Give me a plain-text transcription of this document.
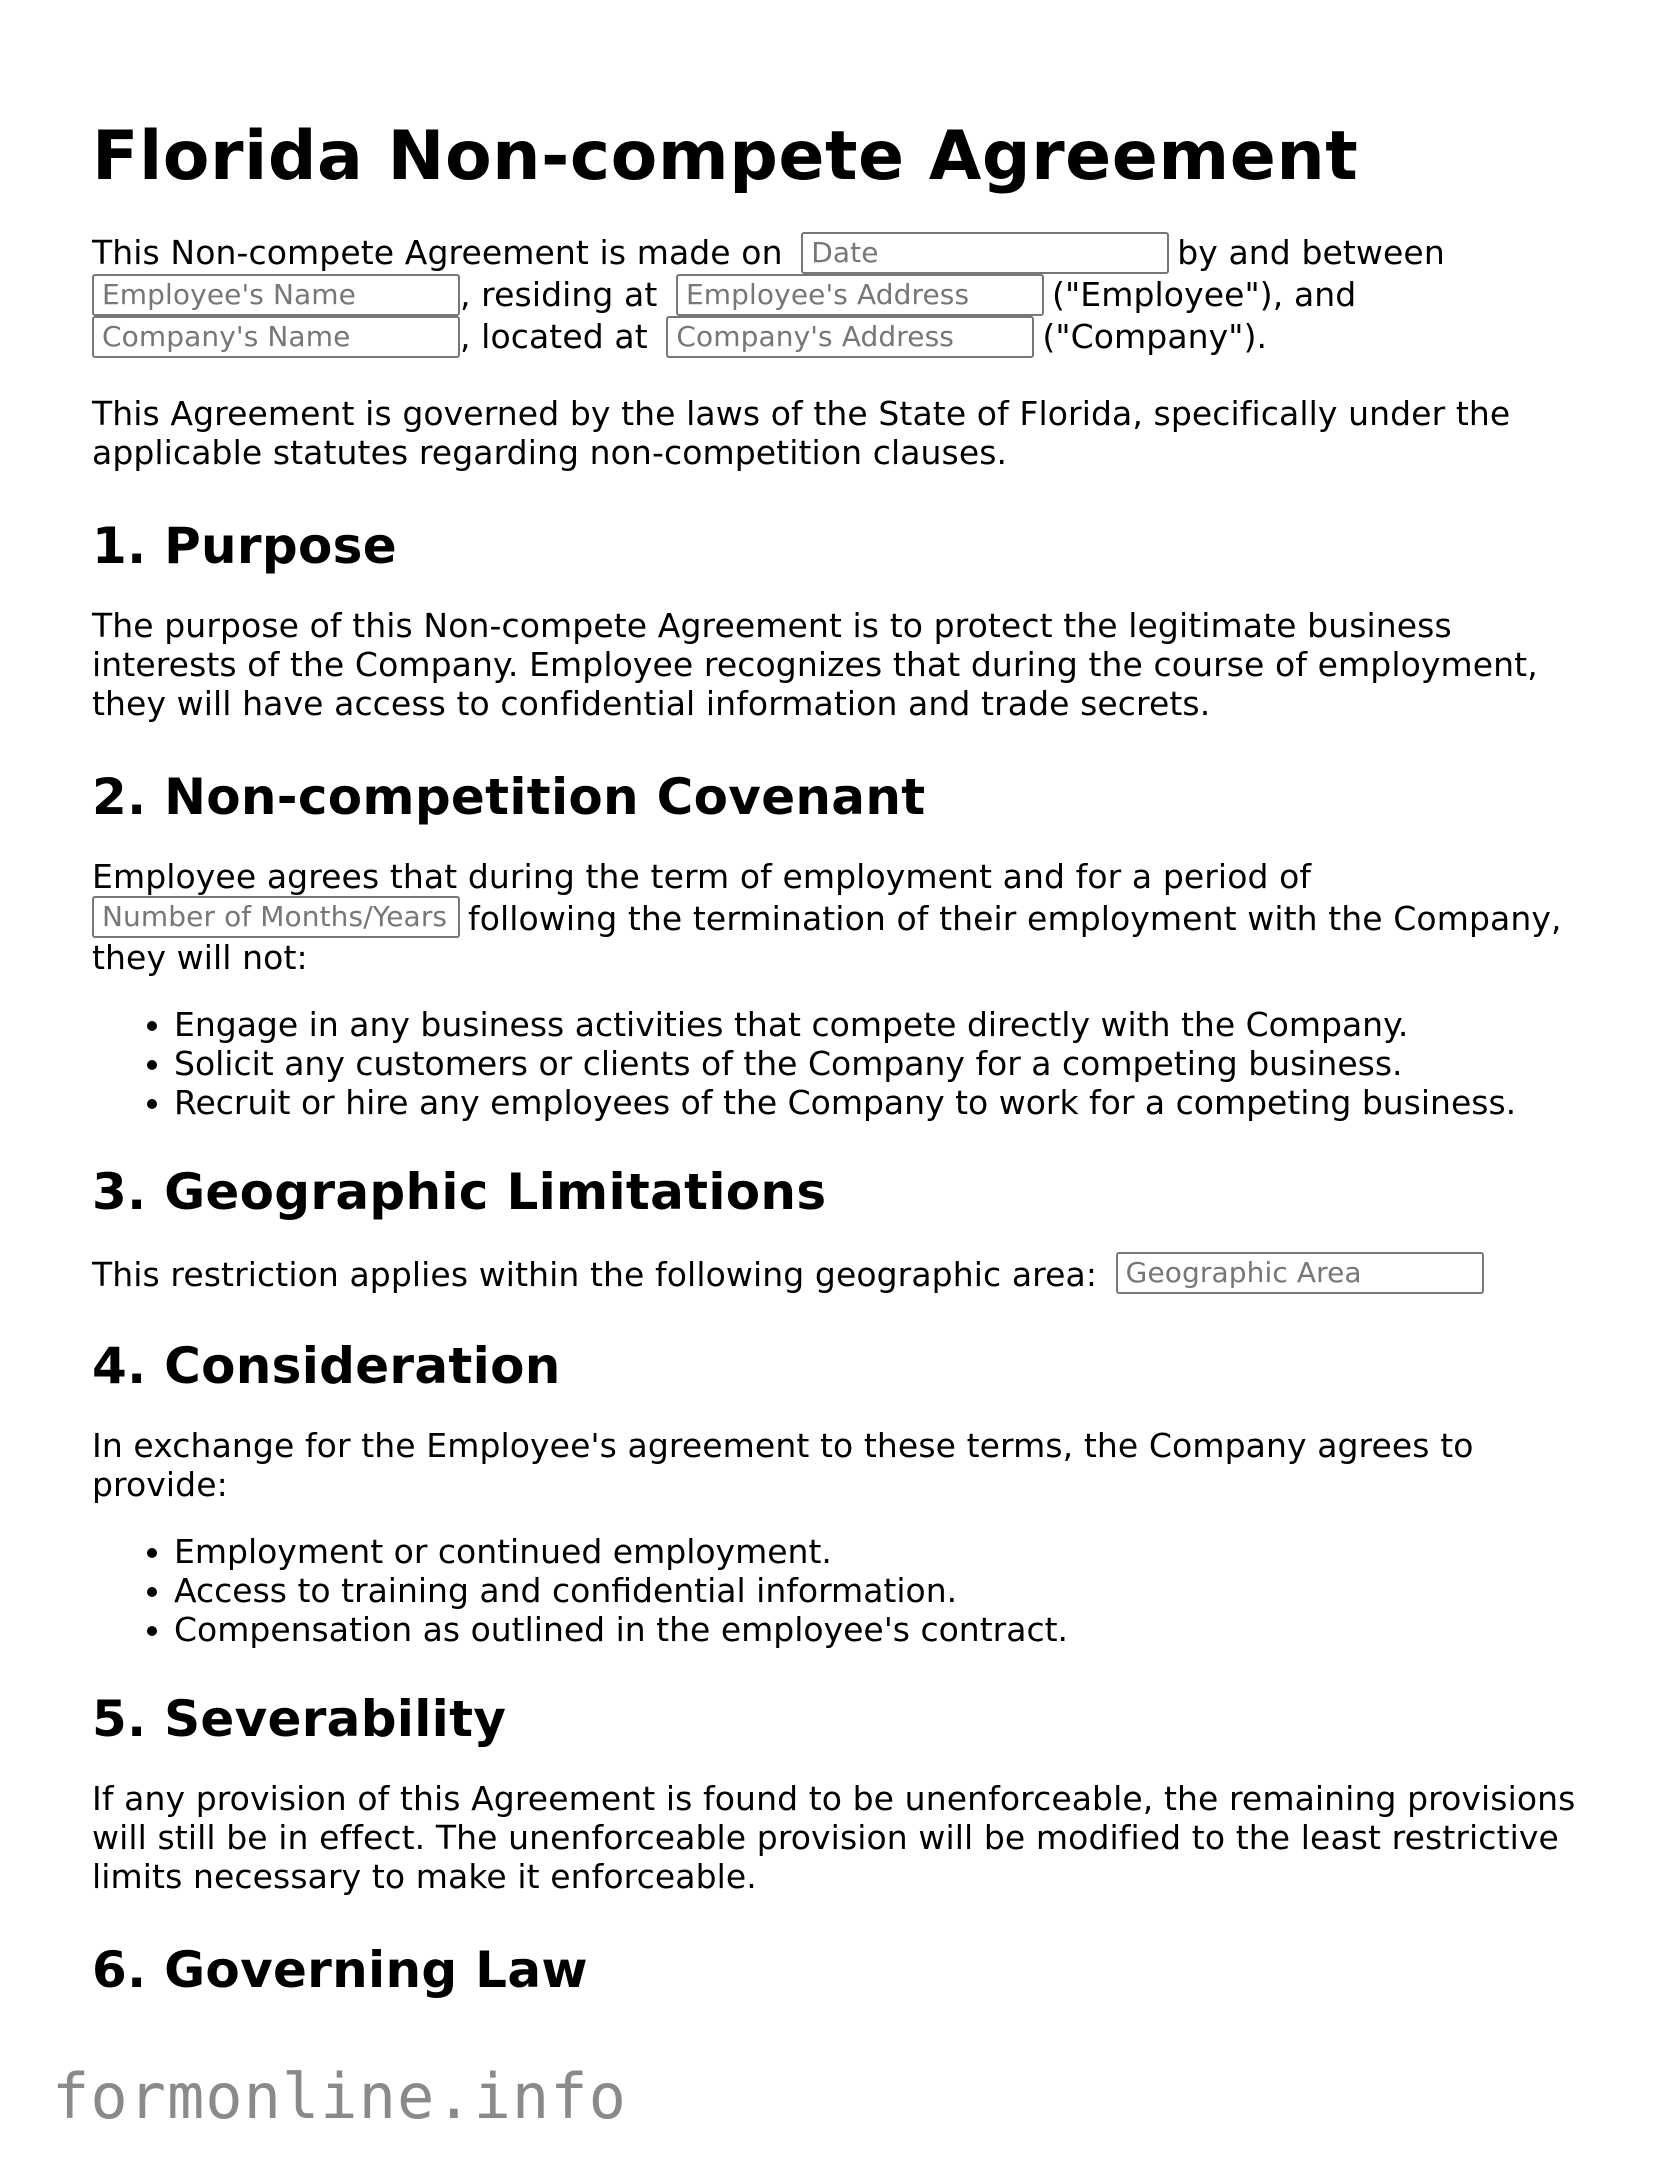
Florida Non-compete Agreement

This Non-compete Agreement is made on Date	by and between
Employee's Name	, residing at Employee's Address	("Employee"), and
Company's Name	, located at Company's Address	("Company").

This Agreement is governed by the laws of the State of Florida, specifically under the applicable statutes regarding non-competition clauses.

1. Purpose

The purpose of this Non-compete Agreement is to protect the legitimate business interests of the Company. Employee recognizes that during the course of employment, they will have access to confidential information and trade secrets.

2. Non-competition Covenant

Employee agrees that during the term of employment and for a period of
Number of Months/Years following the termination of their employment with the Company, they will not:

• Engage in any business activities that compete directly with the Company.
• Solicit any customers or clients of the Company for a competing business.
• Recruit or hire any employees of the Company to work for a competing business.
3. Geographic Limitations

This restriction applies within the following geographic area: Geographic Area

4. Consideration

In exchange for the Employee's agreement to these terms, the Company agrees to provide:

• Employment or continued employment.
• Access to training and confidential information.
• Compensation as outlined in the employee's contract.
5. Severability

If any provision of this Agreement is found to be unenforceable, the remaining provisions will still be in effect. The unenforceable provision will be modified to the least restrictive limits necessary to make it enforceable.

6. Governing Law
formonline.info
